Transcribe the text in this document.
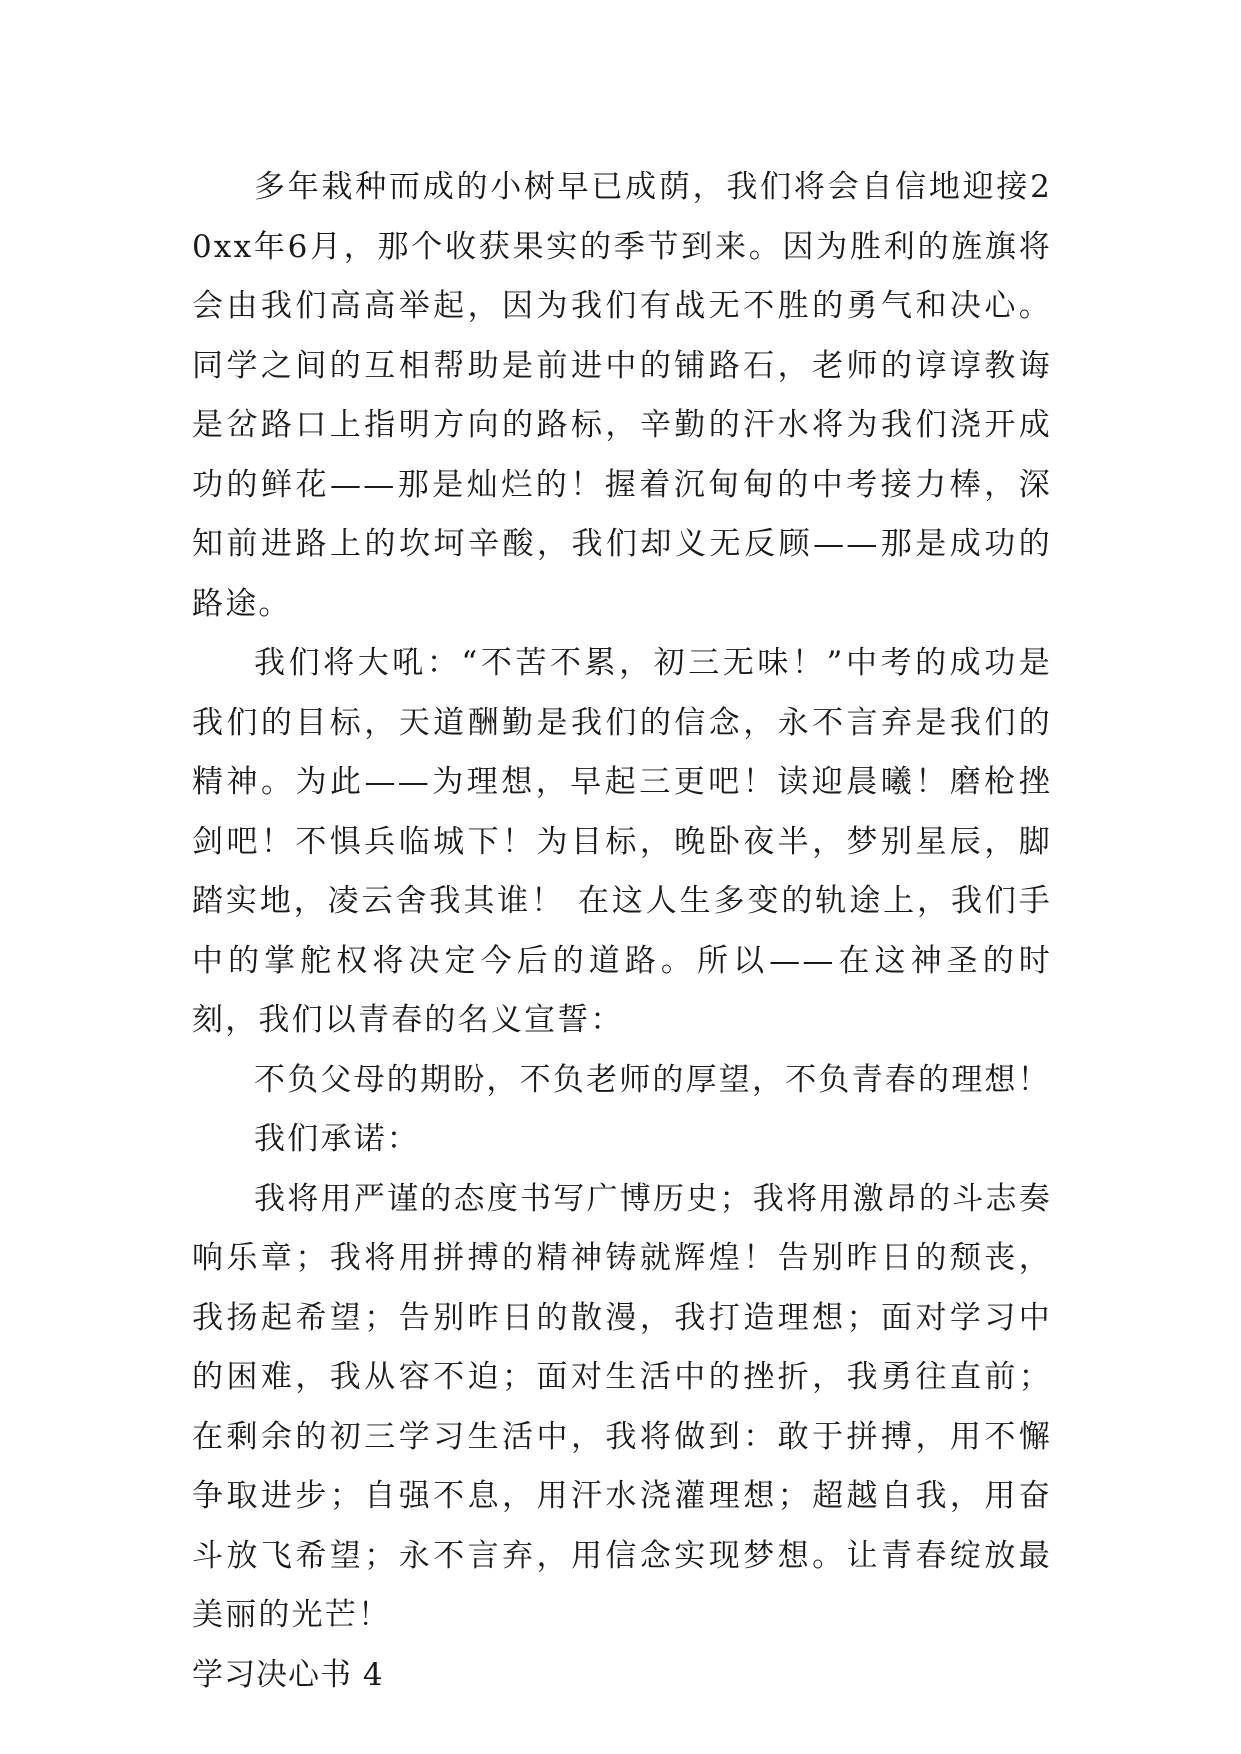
多年栽种而成的小树早已成荫，我们将会自信地迎接20xx年6月，那个收获果实的季节到来。因为胜利的旌旗将会由我们高高举起，因为我们有战无不胜的勇气和决心。同学之间的互相帮助是前进中的铺路石，老师的谆谆教诲是岔路口上指明方向的路标，辛勤的汗水将为我们浇开成功的鲜花——那是灿烂的！握着沉甸甸的中考接力棒，深知前进路上的坎坷辛酸，我们却义无反顾——那是成功的路途。

我们将大吼：“不苦不累，初三无味！”中考的成功是我们的目标，天道酬勤是我们的信念，永不言弃是我们的精神。为此——为理想，早起三更吧！读迎晨曦！磨枪挫剑吧！不惧兵临城下！为目标，晚卧夜半，梦别星辰，脚踏实地，凌云舍我其谁！ 在这人生多变的轨途上，我们手中的掌舵权将决定今后的道路。所以——在这神圣的时刻，我们以青春的名义宣誓：

不负父母的期盼，不负老师的厚望，不负青春的理想！

我们承诺：

我将用严谨的态度书写广博历史；我将用激昂的斗志奏响乐章；我将用拼搏的精神铸就辉煌！告别昨日的颓丧，我扬起希望；告别昨日的散漫，我打造理想；面对学习中的困难，我从容不迫；面对生活中的挫折，我勇往直前；在剩余的初三学习生活中，我将做到：敢于拼搏，用不懈争取进步；自强不息，用汗水浇灌理想；超越自我，用奋斗放飞希望；永不言弃，用信念实现梦想。让青春绽放最美丽的光芒！

学习决心书 4
